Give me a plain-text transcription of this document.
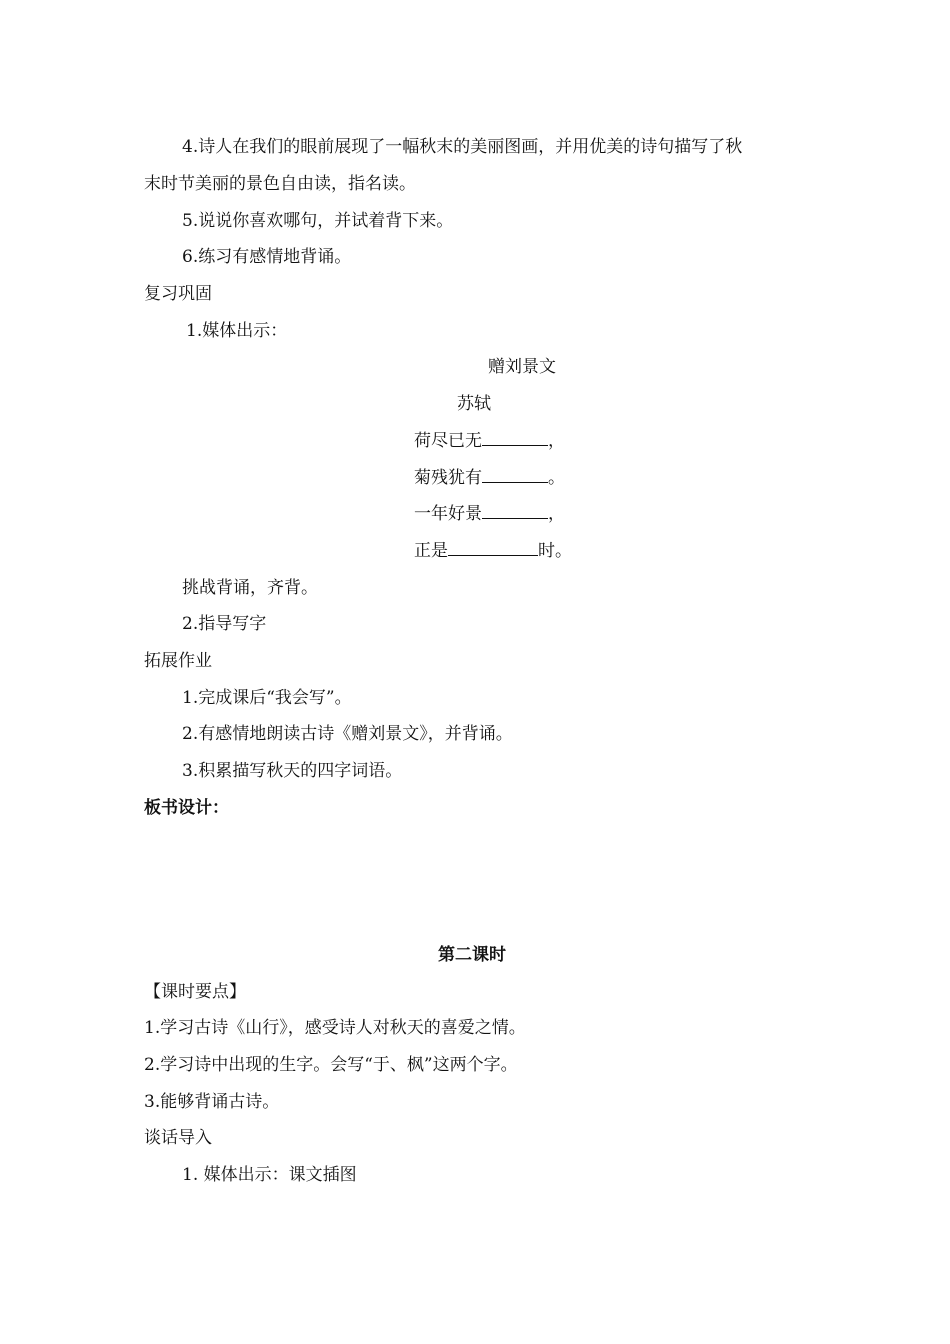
4.诗人在我们的眼前展现了一幅秋末的美丽图画，并用优美的诗句描写了秋
末时节美丽的景色自由读，指名读。
5.说说你喜欢哪句，并试着背下来。
6.练习有感情地背诵。
复习巩固
1.媒体出示：
赠刘景文
苏轼
荷尽已无	，
菊残犹有	。
一年好景	，
正是	时。
挑战背诵，齐背。
2.指导写字
拓展作业
1.完成课后“我会写”。
2.有感情地朗读古诗《赠刘景文》，并背诵。
3.积累描写秋天的四字词语。
板书设计：
第二课时
【课时要点】
1.学习古诗《山行》，感受诗人对秋天的喜爱之情。
2.学习诗中出现的生字。会写“于、枫”这两个字。
3.能够背诵古诗。
谈话导入
1. 媒体出示：课文插图
